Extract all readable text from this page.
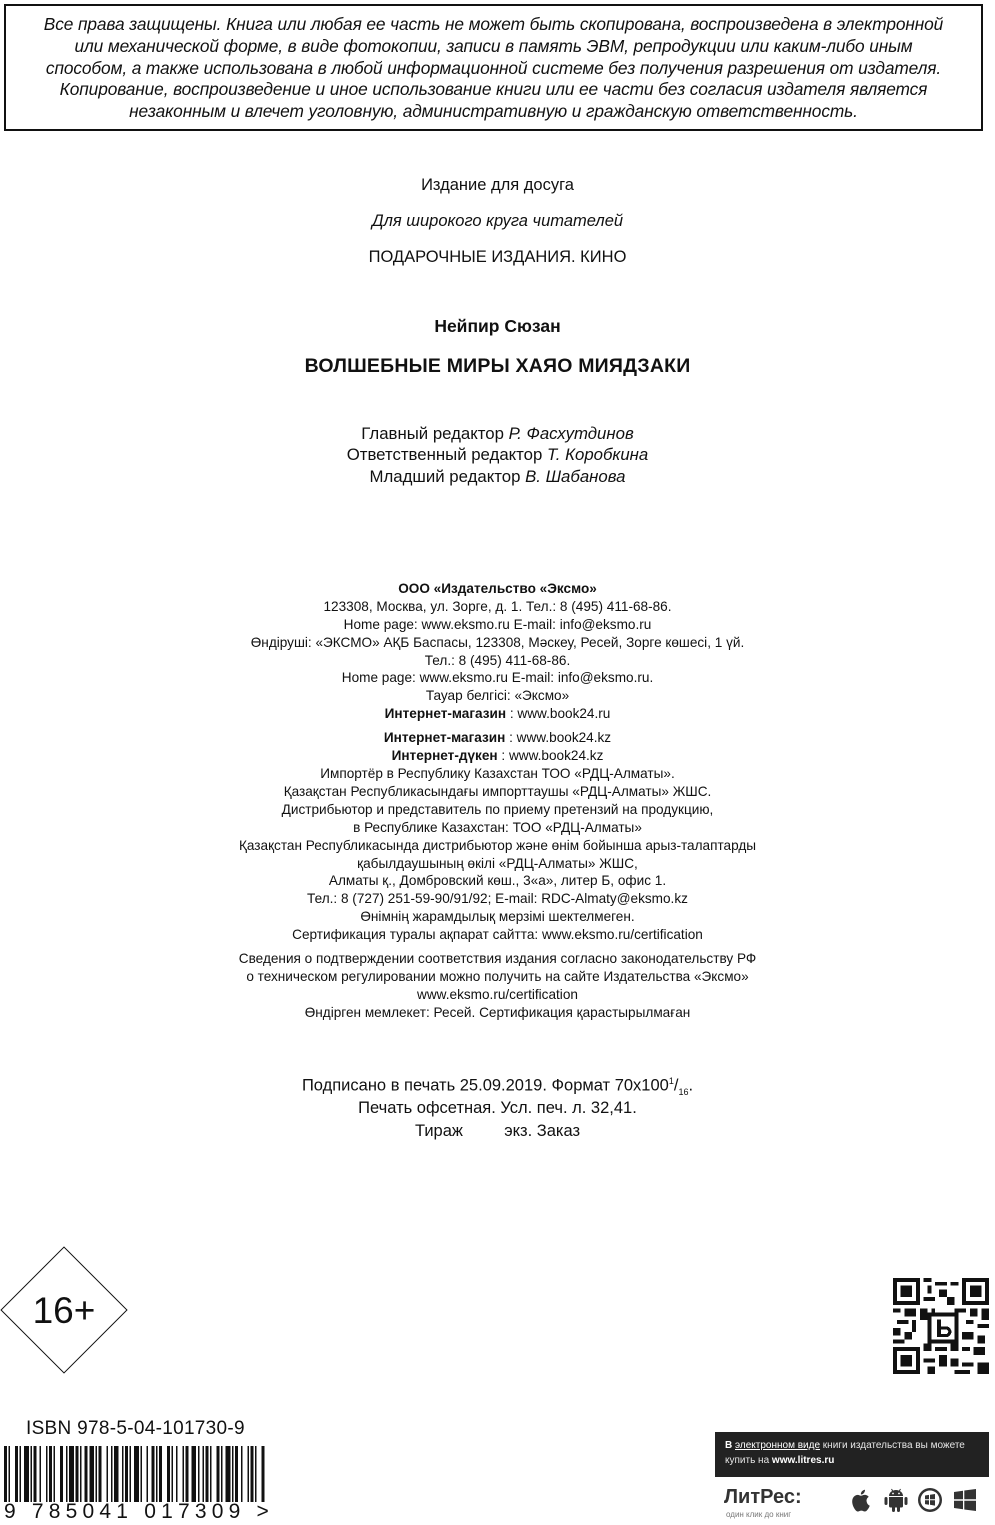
Все права защищены. Книга или любая ее часть не может быть скопирована, воспроизведена в электронной
или механической форме, в виде фотокопии, записи в память ЭВМ, репродукции или каким-либо иным
способом, а также использована в любой информационной системе без получения разрешения от издателя.
Копирование, воспроизведение и иное использование книги или ее части без согласия издателя является
незаконным и влечет уголовную, административную и гражданскую ответственность.
Издание для досуга
Для широкого круга читателей
ПОДАРОЧНЫЕ ИЗДАНИЯ. КИНО
Нейпир Сюзан
ВОЛШЕБНЫЕ МИРЫ ХАЯО МИЯДЗАКИ
Главный редактор Р. Фасхутдинов
Ответственный редактор Т. Коробкина
Младший редактор В. Шабанова
ООО «Издательство «Эксмо»
123308, Москва, ул. Зорге, д. 1. Тел.: 8 (495) 411-68-86.
Home page: www.eksmo.ru E-mail: info@eksmo.ru
Өндіруші: «ЭКСМО» АҚБ Баспасы, 123308, Мәскеу, Ресей, Зорге көшесі, 1 үй.
Тел.: 8 (495) 411-68-86.
Home page: www.eksmo.ru E-mail: info@eksmo.ru.
Тауар белгісі: «Эксмо»
Интернет-магазин : www.book24.ru
Интернет-магазин : www.book24.kz
Интернет-дүкен : www.book24.kz
Импортёр в Республику Казахстан ТОО «РДЦ-Алматы».
Қазақстан Республикасындағы импорттаушы «РДЦ-Алматы» ЖШС.
Дистрибьютор и представитель по приему претензий на продукцию,
в Республике Казахстан: ТОО «РДЦ-Алматы»
Қазақстан Республикасында дистрибьютор және өнім бойынша арыз-талаптарды
қабылдаушының өкілі «РДЦ-Алматы» ЖШС,
Алматы қ., Домбровский көш., 3«а», литер Б, офис 1.
Тел.: 8 (727) 251-59-90/91/92; E-mail: RDC-Almaty@eksmo.kz
Өнімнің жарамдылық мерзімі шектелмеген.
Сертификация туралы ақпарат сайтта: www.eksmo.ru/certification
Сведения о подтверждении соответствия издания согласно законодательству РФ
о техническом регулировании можно получить на сайте Издательства «Эксмо»
www.eksmo.ru/certification
Өндірген мемлекет: Ресей. Сертификация қарастырылмаған
Подписано в печать 25.09.2019. Формат $70x100^1/_{16}$.
Печать офсетная. Усл. печ. л. 32,41.
Тираж         экз. Заказ
16+
ISBN 978-5-04-101730-9
9 785041 017309 >
В электронном виде книги издательства вы можете
купить на www.litres.ru
ЛитРес:
один клик до книг
